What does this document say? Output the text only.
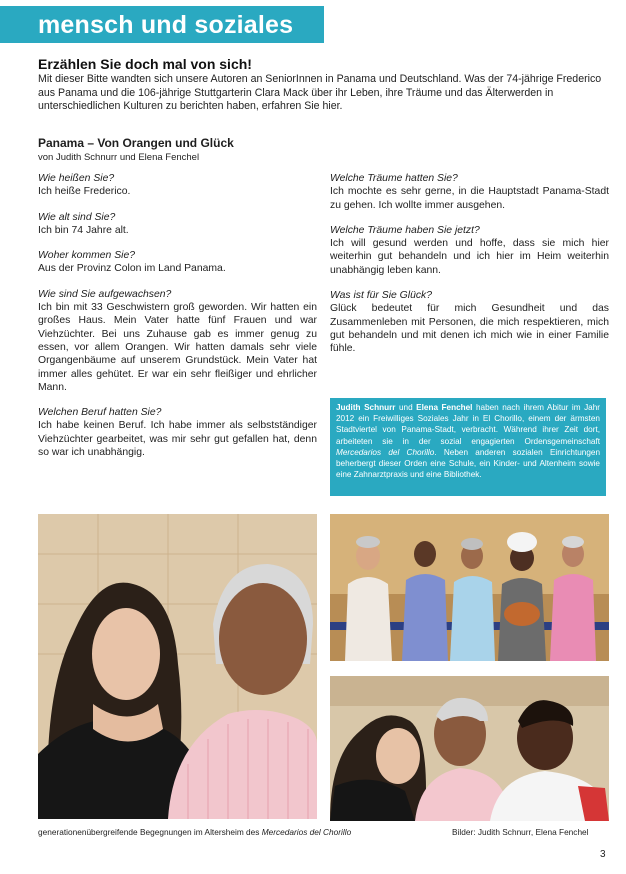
mensch und soziales
Erzählen Sie doch mal von sich!
Mit dieser Bitte wandten sich unsere Autoren an SeniorInnen in Panama und Deutschland. Was der 74-jährige Frederico aus Panama und die 106-jährige Stuttgarterin Clara Mack über ihr Leben, ihre Träume und das Älterwerden in unterschiedlichen Kulturen zu berichten haben, erfahren Sie hier.
Panama – Von Orangen und Glück
von Judith Schnurr und Elena Fenchel
Wie heißen Sie?
Ich heiße Frederico.
Wie alt sind Sie?
Ich bin 74 Jahre alt.
Woher kommen Sie?
Aus der Provinz Colon im Land Panama.
Wie sind Sie aufgewachsen?
Ich bin mit 33 Geschwistern groß geworden. Wir hatten ein großes Haus. Mein Vater hatte fünf Frauen und war Viehzüchter. Bei uns Zuhause gab es immer genug zu essen, vor allem Orangen. Wir hatten damals sehr viele Organgenbäume auf unserem Grundstück. Mein Vater hat immer alles gehütet. Er war ein sehr fleißiger und ehrlicher Mann.
Welchen Beruf hatten Sie?
Ich habe keinen Beruf. Ich habe immer als selbstständiger Viehzüchter gearbeitet, was mir sehr gut gefallen hat, denn so war ich unabhängig.
Welche Träume hatten Sie?
Ich mochte es sehr gerne, in die Hauptstadt Panama-Stadt zu gehen. Ich wollte immer ausgehen.
Welche Träume haben Sie jetzt?
Ich will gesund werden und hoffe, dass sie mich hier weiterhin gut behandeln und ich hier im Heim weiterhin unabhängig leben kann.
Was ist für Sie Glück?
Glück bedeutet für mich Gesundheit und das Zusammenleben mit Personen, die mich respektieren, mich gut behandeln und mit denen ich mich wie in einer Familie fühle.
Judith Schnurr und Elena Fenchel haben nach ihrem Abitur im Jahr 2012 ein Freiwilliges Soziales Jahr in El Chorillo, einem der ärmsten Stadtviertel von Panama-Stadt, verbracht. Während ihrer Zeit dort, arbeiteten sie in der sozial engagierten Ordensgemeinschaft Mercedarios del Chorillo. Neben anderen sozialen Einrichtungen beherbergt dieser Orden eine Schule, ein Kinder- und Altenheim sowie eine Zahnarztpraxis und eine Bibliothek.
generationenübergreifende Begegnungen im Altersheim des Mercedarios del Chorillo	Bilder: Judith Schnurr, Elena Fenchel
3
